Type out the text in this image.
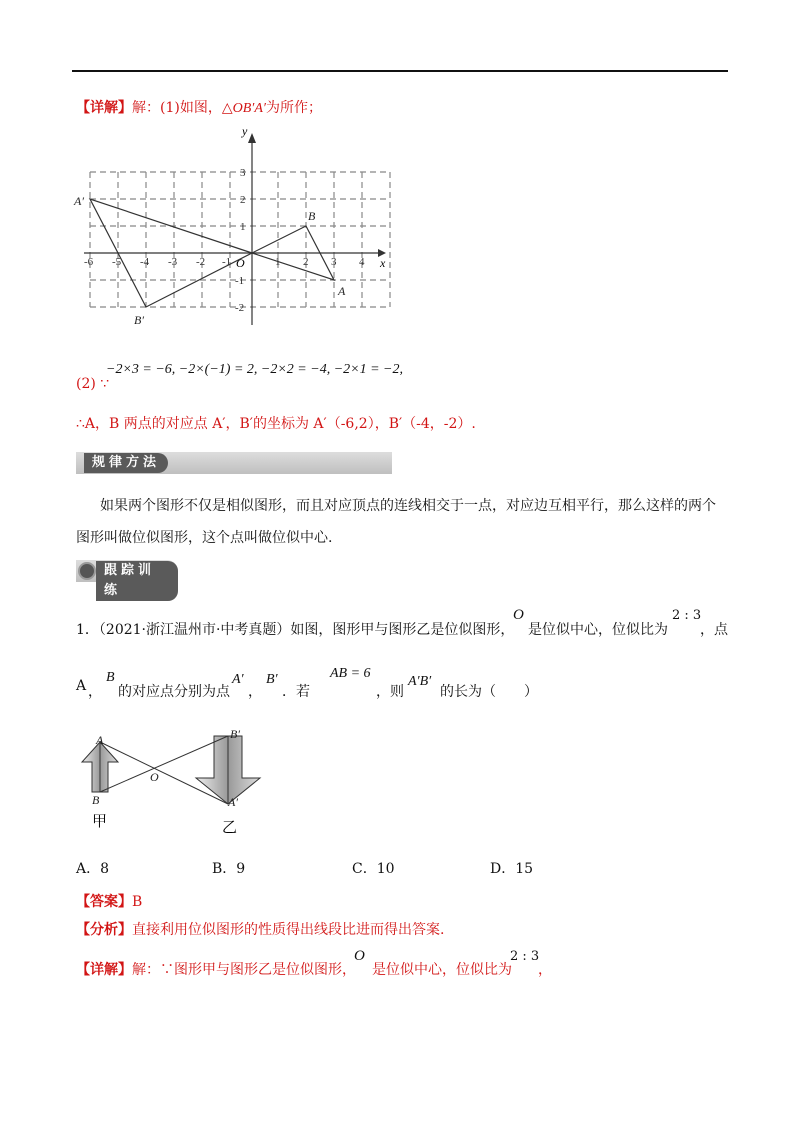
【详解】解：(1)如图，△OB′A′为所作；
y
x
O
-6 -5 -4 -3 -2 -1	1 2 3 4
3
2
1
-1
-2
B
A
A′
B′
−2×3 = −6, −2×(−1) = 2, −2×2 = −4, −2×1 = −2,
(2) ∵
∴A，B 两点的对应点 A′，B′的坐标为 A′（-6,2），B′（-4，-2）.
规律方法
如果两个图形不仅是相似图形，而且对应顶点的连线相交于一点，对应边互相平行，那么这样的两个
图形叫做位似图形，这个点叫做位似中心.
跟踪训练
1．（2021·浙江温州市·中考真题）如图，图形甲与图形乙是位似图形，
O
是位似中心，位似比为
2 : 3
，点
A ，
B
的对应点分别为点
A′
，
B′
．若
AB = 6
，则
A′B′
的长为（　　）
A
B
O
B′
A′
甲	乙
A．8	B．9	C．10	D．15
【答案】B
【分析】直接利用位似图形的性质得出线段比进而得出答案.
【详解】解：∵图形甲与图形乙是位似图形，
O
是位似中心，位似比为
2 : 3
，
